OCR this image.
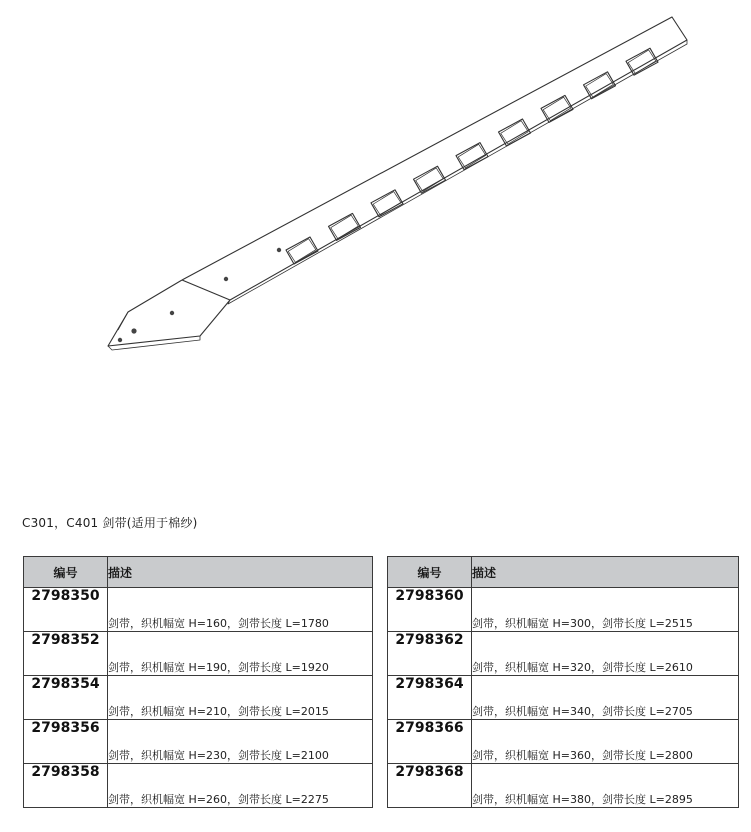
C301，C401 剑带(适用于棉纱)
编号	描述
2798350	剑带，织机幅宽 H=160，剑带长度 L=1780
2798352	剑带，织机幅宽 H=190，剑带长度 L=1920
2798354	剑带，织机幅宽 H=210，剑带长度 L=2015
2798356	剑带，织机幅宽 H=230，剑带长度 L=2100
2798358	剑带，织机幅宽 H=260，剑带长度 L=2275
编号	描述
2798360	剑带，织机幅宽 H=300，剑带长度 L=2515
2798362	剑带，织机幅宽 H=320，剑带长度 L=2610
2798364	剑带，织机幅宽 H=340，剑带长度 L=2705
2798366	剑带，织机幅宽 H=360，剑带长度 L=2800
2798368	剑带，织机幅宽 H=380，剑带长度 L=2895
